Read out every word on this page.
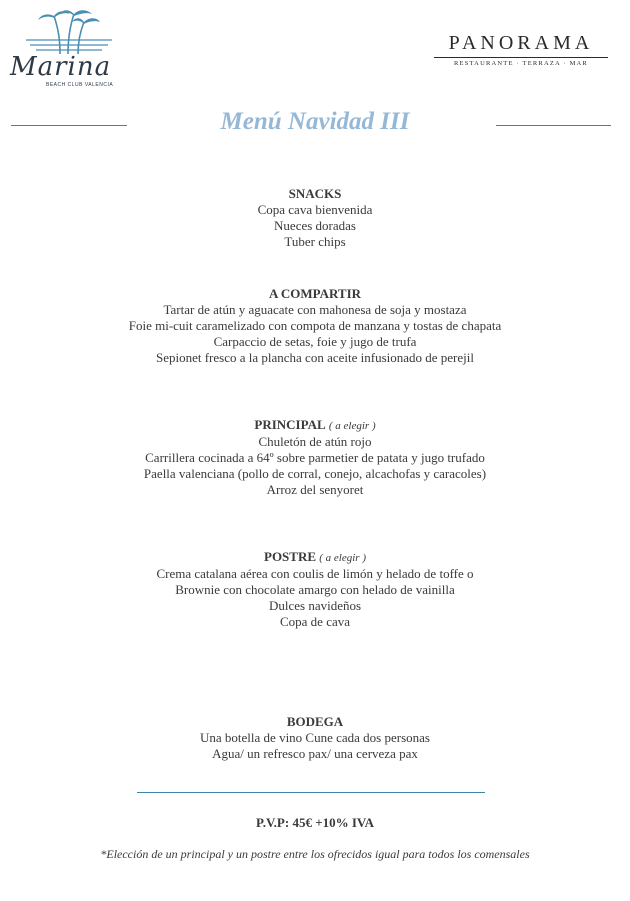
Marina
BEACH CLUB VALENCIA
PANORAMA
RESTAURANTE · TERRAZA · MAR
Menú Navidad III
SNACKS
Copa cava bienvenida
Nueces doradas
Tuber chips
A COMPARTIR
Tartar de atún y aguacate con mahonesa de soja y mostaza
Foie mi-cuit caramelizado con compota de manzana y tostas de chapata
Carpaccio de setas, foie y jugo de trufa
Sepionet fresco a la plancha con aceite infusionado de perejil
PRINCIPAL ( a elegir )
Chuletón de atún rojo
Carrillera cocinada a 64º sobre parmetier de patata y jugo trufado
Paella valenciana (pollo de corral, conejo, alcachofas y caracoles)
Arroz del senyoret
POSTRE ( a elegir )
Crema catalana aérea con coulis de limón y helado de toffe o
Brownie con chocolate amargo con helado de vainilla
Dulces navideños
Copa de cava
BODEGA
Una botella de vino Cune cada dos personas
Agua/ un refresco pax/ una cerveza pax
P.V.P: 45€ +10% IVA
*Elección de un principal y un postre entre los ofrecidos igual para todos los comensales
